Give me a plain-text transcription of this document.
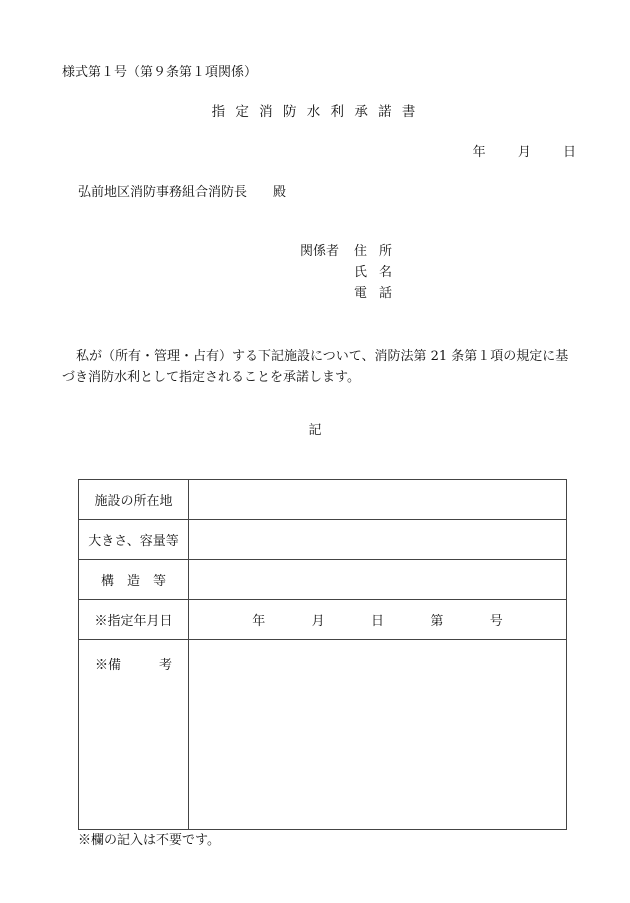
様式第１号（第９条第１項関係）
指 定 消 防 水 利 承 諾 書
年 月 日
弘前地区消防事務組合消防長 殿
関係者	住所
氏名
電話
私が（所有・管理・占有）する下記施設について、消防法第 21 条第１項の規定に基づき消防水利として指定されることを承諾します。
記
施設の所在地	
大きさ、容量等	
構　造　等	
※指定年月日	年 月 日 第 号

※備 考	

※欄の記入は不要です。
